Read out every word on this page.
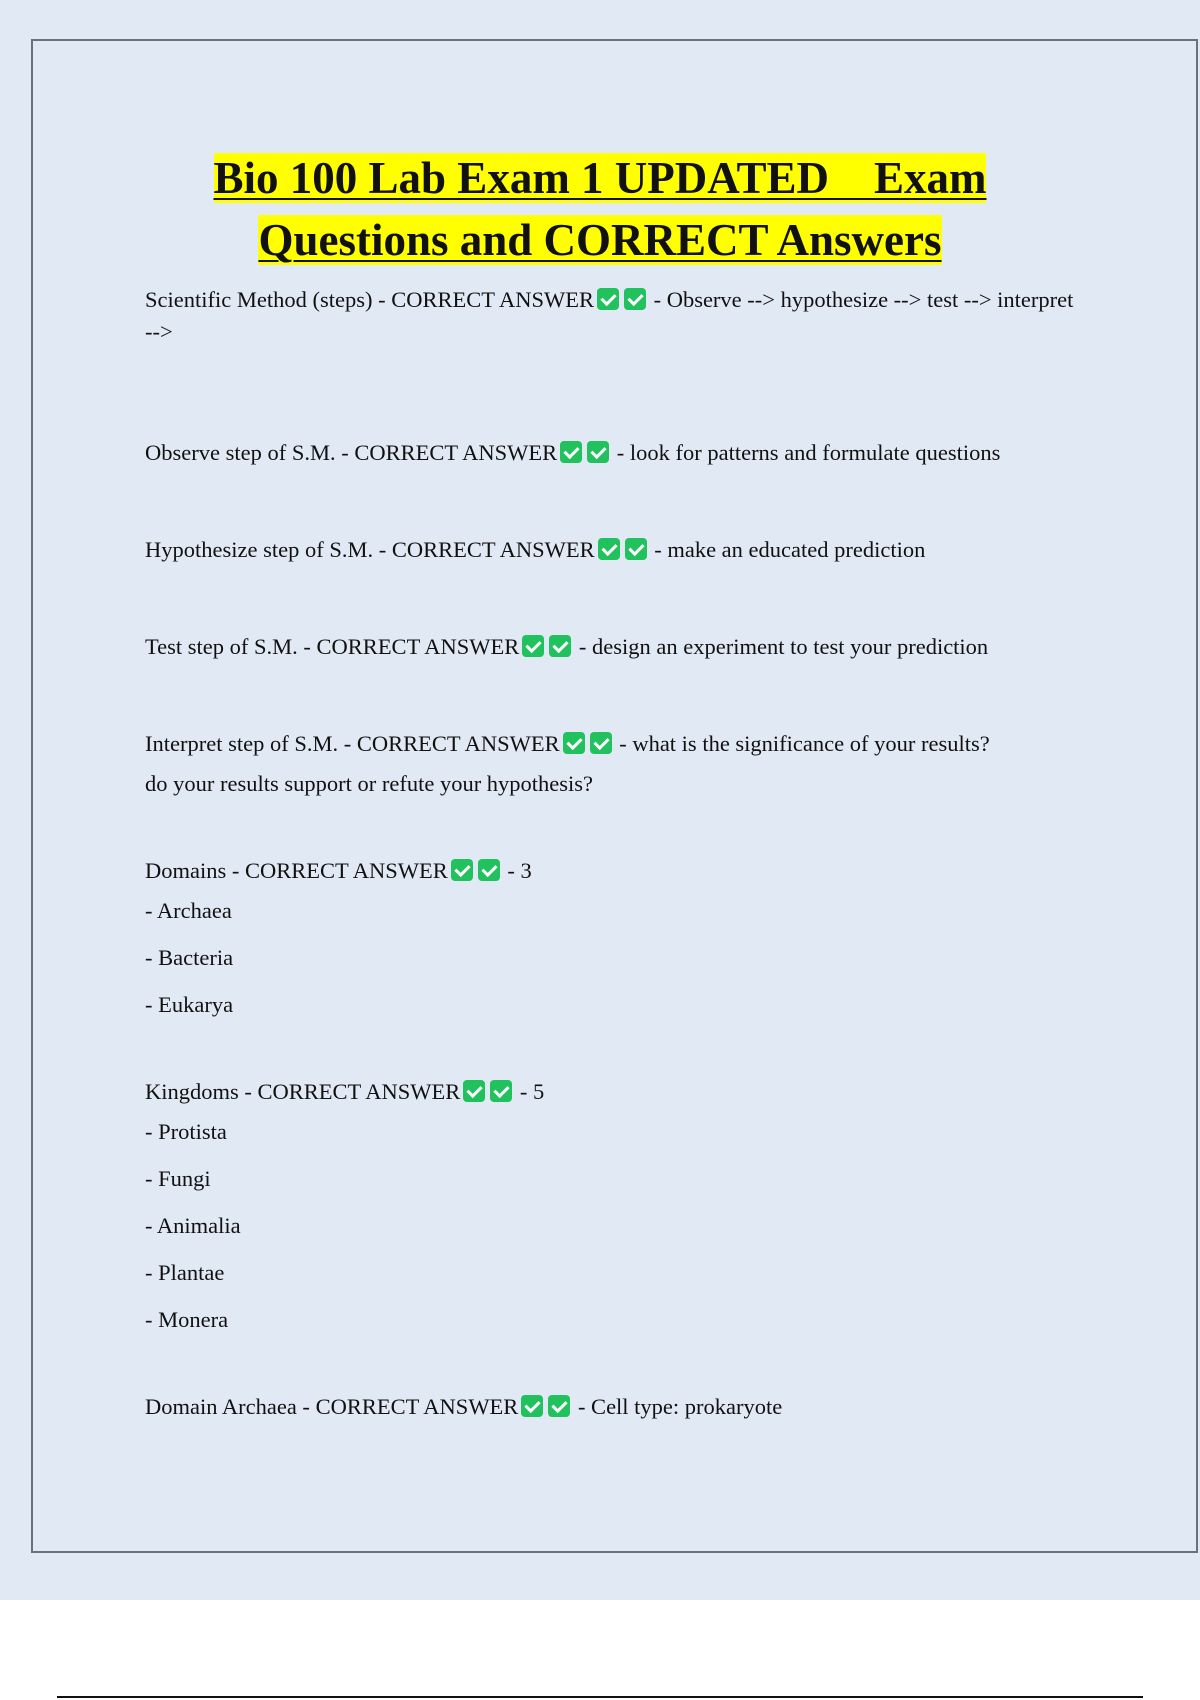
Bio 100 Lab Exam 1 UPDATED    Exam
Questions and CORRECT Answers

Scientific Method (steps) - CORRECT ANSWER	- Observe --> hypothesize --> test --> interpret -->

Observe step of S.M. - CORRECT ANSWER	- look for patterns and formulate questions

Hypothesize step of S.M. - CORRECT ANSWER	- make an educated prediction

Test step of S.M. - CORRECT ANSWER	- design an experiment to test your prediction

Interpret step of S.M. - CORRECT ANSWER	- what is the significance of your results?

do your results support or refute your hypothesis?

Domains - CORRECT ANSWER	- 3

- Archaea

- Bacteria

- Eukarya

Kingdoms - CORRECT ANSWER	- 5

- Protista

- Fungi

- Animalia

- Plantae

- Monera

Domain Archaea - CORRECT ANSWER	- Cell type: prokaryote
